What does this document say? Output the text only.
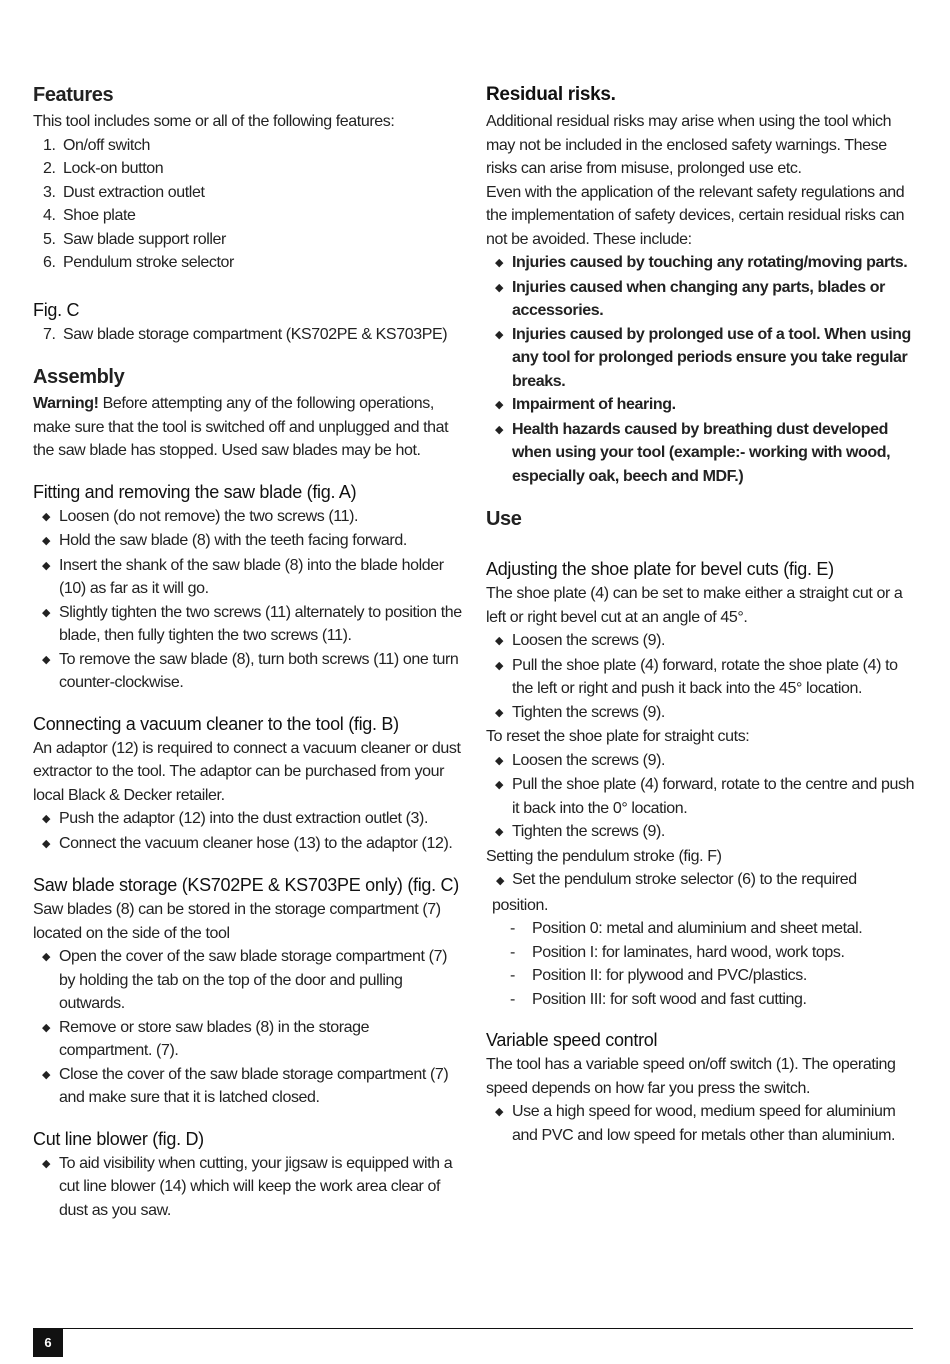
Features

This tool includes some or all of the following features:

1. On/off switch
2. Lock-on button
3. Dust extraction outlet
4. Shoe plate
5. Saw blade support roller
6. Pendulum stroke selector
Fig. C
7. Saw blade storage compartment (KS702PE & KS703PE)
Assembly

Warning! Before attempting any of the following operations, make sure that the tool is switched off and unplugged and that the saw blade has stopped. Used saw blades may be hot.

Fitting and removing the saw blade (fig. A)
◆ Loosen (do not remove) the two screws (11).
◆ Hold the saw blade (8) with the teeth facing forward.
◆ Insert the shank of the saw blade (8) into the blade holder (10) as far as it will go.
◆ Slightly tighten the two screws (11) alternately to position the blade, then fully tighten the two screws (11).
◆ To remove the saw blade (8), turn both screws (11) one turn counter-clockwise.
Connecting a vacuum cleaner to the tool (fig. B)

An adaptor (12) is required to connect a vacuum cleaner or dust extractor to the tool. The adaptor can be purchased from your local Black & Decker retailer.

◆ Push the adaptor (12) into the dust extraction outlet (3).
◆ Connect the vacuum cleaner hose (13) to the adaptor (12).
Saw blade storage (KS702PE & KS703PE only) (fig. C)

Saw blades (8) can be stored in the storage compartment (7) located on the side of the tool

◆ Open the cover of the saw blade storage compartment (7) by holding the tab on the top of the door and pulling outwards.
◆ Remove or store saw blades (8) in the storage compartment. (7).
◆ Close the cover of the saw blade storage compartment (7) and make sure that it is latched closed.
Cut line blower (fig. D)
◆ To aid visibility when cutting, your jigsaw is equipped with a cut line blower (14) which will keep the work area clear of dust as you saw.
Residual risks.

Additional residual risks may arise when using the tool which may not be included in the enclosed safety warnings. These risks can arise from misuse, prolonged use etc.

Even with the application of the relevant safety regulations and the implementation of safety devices, certain residual risks can not be avoided. These include:

◆ Injuries caused by touching any rotating/moving parts.
◆ Injuries caused when changing any parts, blades or accessories.
◆ Injuries caused by prolonged use of a tool. When using any tool for prolonged periods ensure you take regular breaks.
◆ Impairment of hearing.
◆ Health hazards caused by breathing dust developed when using your tool (example:- working with wood, especially oak, beech and MDF.)
Use
Adjusting the shoe plate for bevel cuts (fig. E)

The shoe plate (4) can be set to make either a straight cut or a left or right bevel cut at an angle of 45°.

◆ Loosen the screws (9).
◆ Pull the shoe plate (4) forward, rotate the shoe plate (4) to the left or right and push it back into the 45° location.
◆ Tighten the screws (9).

To reset the shoe plate for straight cuts:

◆ Loosen the screws (9).
◆ Pull the shoe plate (4) forward, rotate to the centre and push it back into the 0° location.
◆ Tighten the screws (9).

Setting the pendulum stroke (fig. F)

◆ Set the pendulum stroke selector (6) to the required position.

-	Position 0: metal and aluminium and sheet metal.
-	Position I: for laminates, hard wood, work tops.
-	Position II: for plywood and PVC/plastics.
-	Position III: for soft wood and fast cutting.
Variable speed control

The tool has a variable speed on/off switch (1). The operating speed depends on how far you press the switch.

◆ Use a high speed for wood, medium speed for aluminium and PVC and low speed for metals other than aluminium.
6
